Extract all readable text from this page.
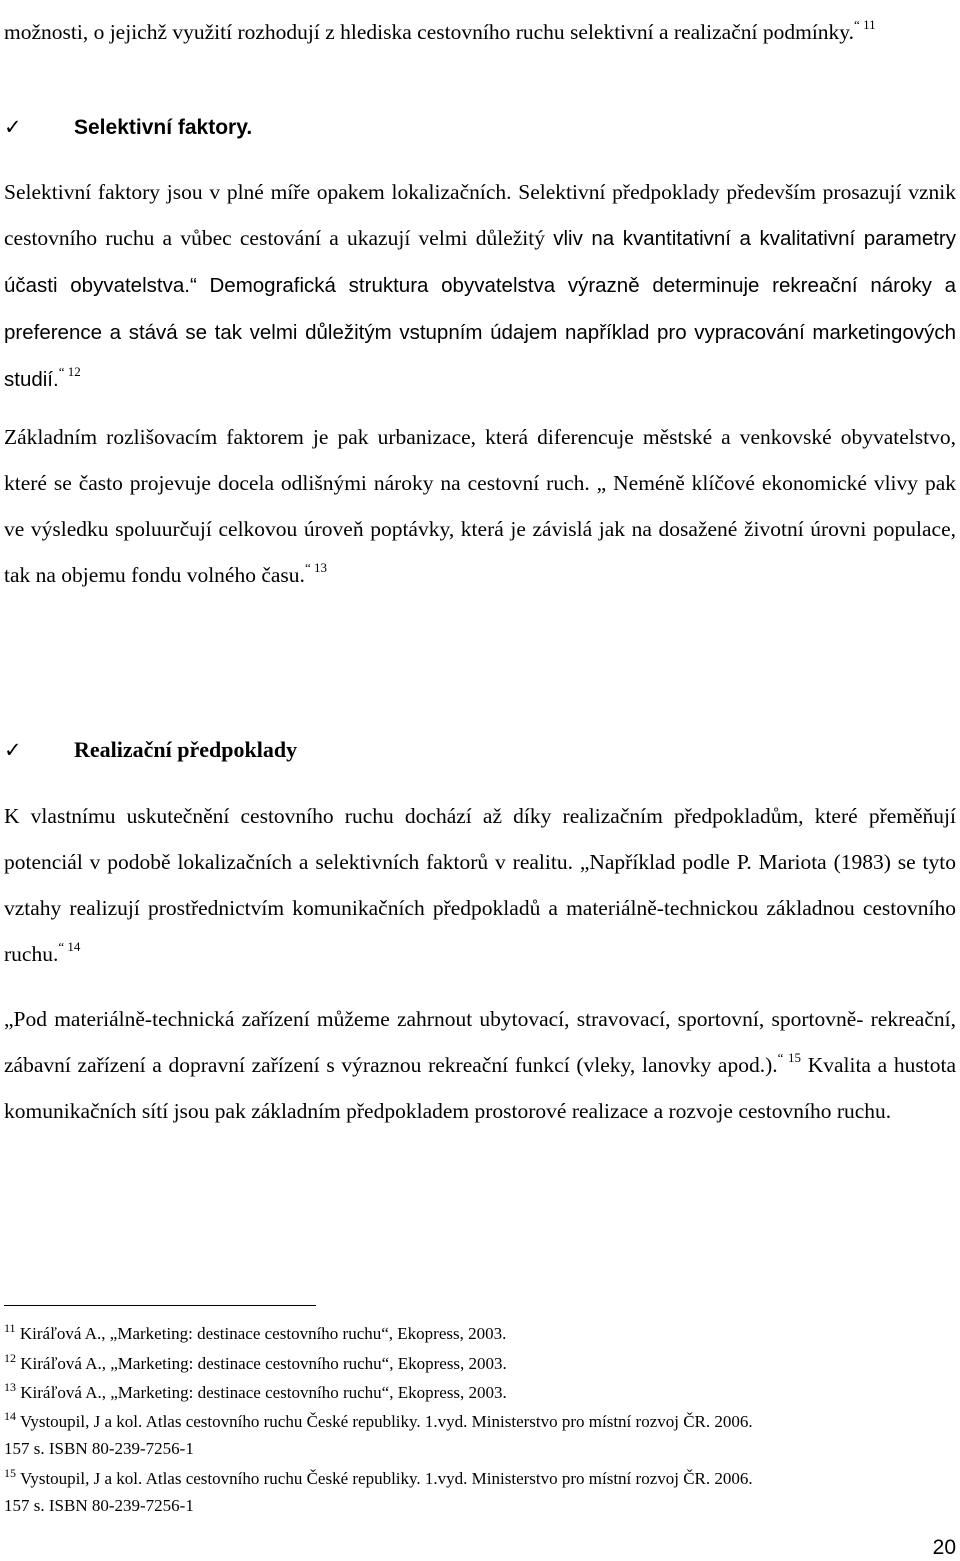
možnosti, o jejichž využití rozhodují z hlediska cestovního ruchu selektivní a realizační podmínky.“ $^{11}$

✓ Selektivní faktory.

Selektivní faktory jsou v plné míře opakem lokalizačních. Selektivní předpoklady především prosazují vznik cestovního ruchu a vůbec cestování a ukazují velmi důležitý vliv na kvantitativní a kvalitativní parametry účasti obyvatelstva.“ Demografická struktura obyvatelstva výrazně determinuje rekreační nároky a preference a stává se tak velmi důležitým vstupním údajem například pro vypracování marketingových studií.“ $^{12}$

Základním rozlišovacím faktorem je pak urbanizace, která diferencuje městské a venkovské obyvatelstvo, které se často projevuje docela odlišnými nároky na cestovní ruch. „ Neméně klíčové ekonomické vlivy pak ve výsledku spoluurčují celkovou úroveň poptávky, která je závislá jak na dosažené životní úrovni populace, tak na objemu fondu volného času.“ $^{13}$

✓ Realizační předpoklady

K vlastnímu uskutečnění cestovního ruchu dochází až díky realizačním předpokladům, které přeměňují potenciál v podobě lokalizačních a selektivních faktorů v realitu. „Například podle P. Mariota (1983) se tyto vztahy realizují prostřednictvím komunikačních předpokladů a materiálně-technickou základnou cestovního ruchu.“ $^{14}$

„Pod materiálně-technická zařízení můžeme zahrnout ubytovací, stravovací, sportovní, sportovně- rekreační, zábavní zařízení a dopravní zařízení s výraznou rekreační funkcí (vleky, lanovky apod.).“ $^{15}$ Kvalita a hustota komunikačních sítí jsou pak základním předpokladem prostorové realizace a rozvoje cestovního ruchu.

$^{11}$ Kiráľová A., „Marketing: destinace cestovního ruchu“, Ekopress, 2003.
$^{12}$ Kiráľová A., „Marketing: destinace cestovního ruchu“, Ekopress, 2003.
$^{13}$ Kiráľová A., „Marketing: destinace cestovního ruchu“, Ekopress, 2003.
$^{14}$ Vystoupil, J a kol. Atlas cestovního ruchu České republiky. 1.vyd. Ministerstvo pro místní rozvoj ČR. 2006. 157 s. ISBN 80-239-7256-1
$^{15}$ Vystoupil, J a kol. Atlas cestovního ruchu České republiky. 1.vyd. Ministerstvo pro místní rozvoj ČR. 2006. 157 s. ISBN 80-239-7256-1
20
